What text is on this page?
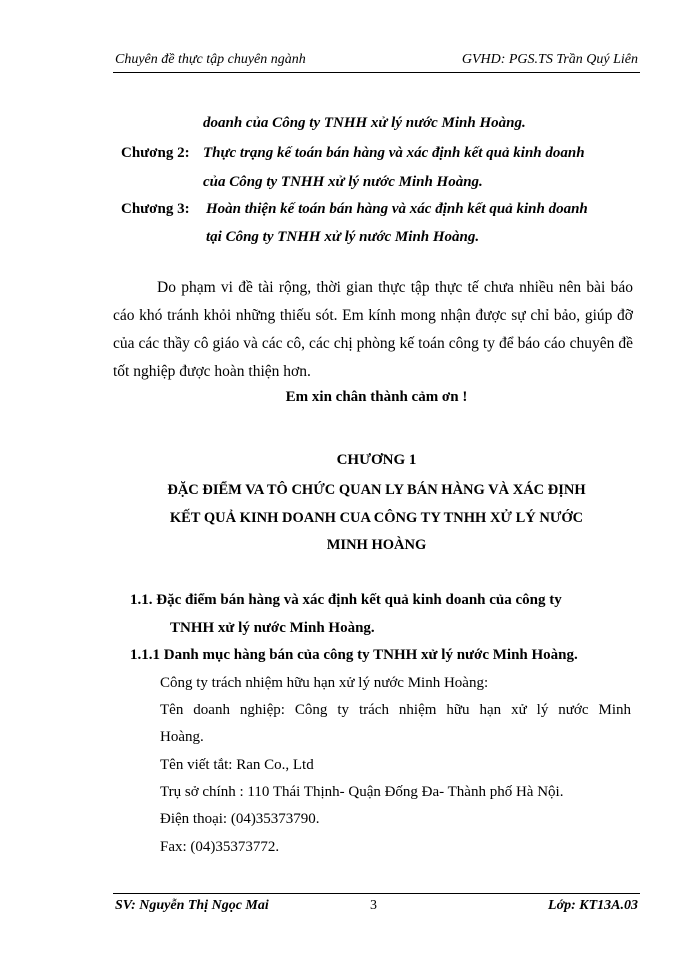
Chuyên đề thực tập chuyên ngành	GVHD: PGS.TS Trần Quý Liên
doanh của Công ty TNHH xử lý nước Minh Hoàng.
Chương 2: Thực trạng kế toán bán hàng và xác định kết quả kinh doanh
của Công ty TNHH xử lý nước Minh Hoàng.
Chương 3: Hoàn thiện kế toán bán hàng và xác định kết quả kinh doanh
tại Công ty TNHH xử lý nước Minh Hoàng.
Do phạm vi đề tài rộng, thời gian thực tập thực tế chưa nhiều nên bài báo cáo khó tránh khỏi những thiếu sót. Em kính mong nhận được sự chỉ bảo, giúp đỡ của các thầy cô giáo và các cô, các chị phòng kế toán công ty để báo cáo chuyên đề tốt nghiệp được hoàn thiện hơn.
Em xin chân thành cảm ơn !
CHƯƠNG 1
ĐẶC ĐIỂM VA TÔ CHỨC QUAN LY BÁN HÀNG VÀ XÁC ĐỊNH
KẾT QUẢ KINH DOANH CUA CÔNG TY TNHH XỬ LÝ NƯỚC
MINH HOÀNG
1.1. Đặc điểm bán hàng và xác định kết quả kinh doanh của công ty
TNHH xử lý nước Minh Hoàng.
1.1.1 Danh mục hàng bán của công ty TNHH xử lý nước Minh Hoàng.
Công ty trách nhiệm hữu hạn xử lý nước Minh Hoàng:
Tên doanh nghiệp: Công ty trách nhiệm hữu hạn xử lý nước Minh
Hoàng.
Tên viết tắt: Ran Co., Ltd
Trụ sở chính : 110 Thái Thịnh- Quận Đống Đa- Thành phố Hà Nội.
Điện thoại: (04)35373790.
Fax: (04)35373772.
SV: Nguyễn Thị Ngọc Mai	3	Lớp: KT13A.03
